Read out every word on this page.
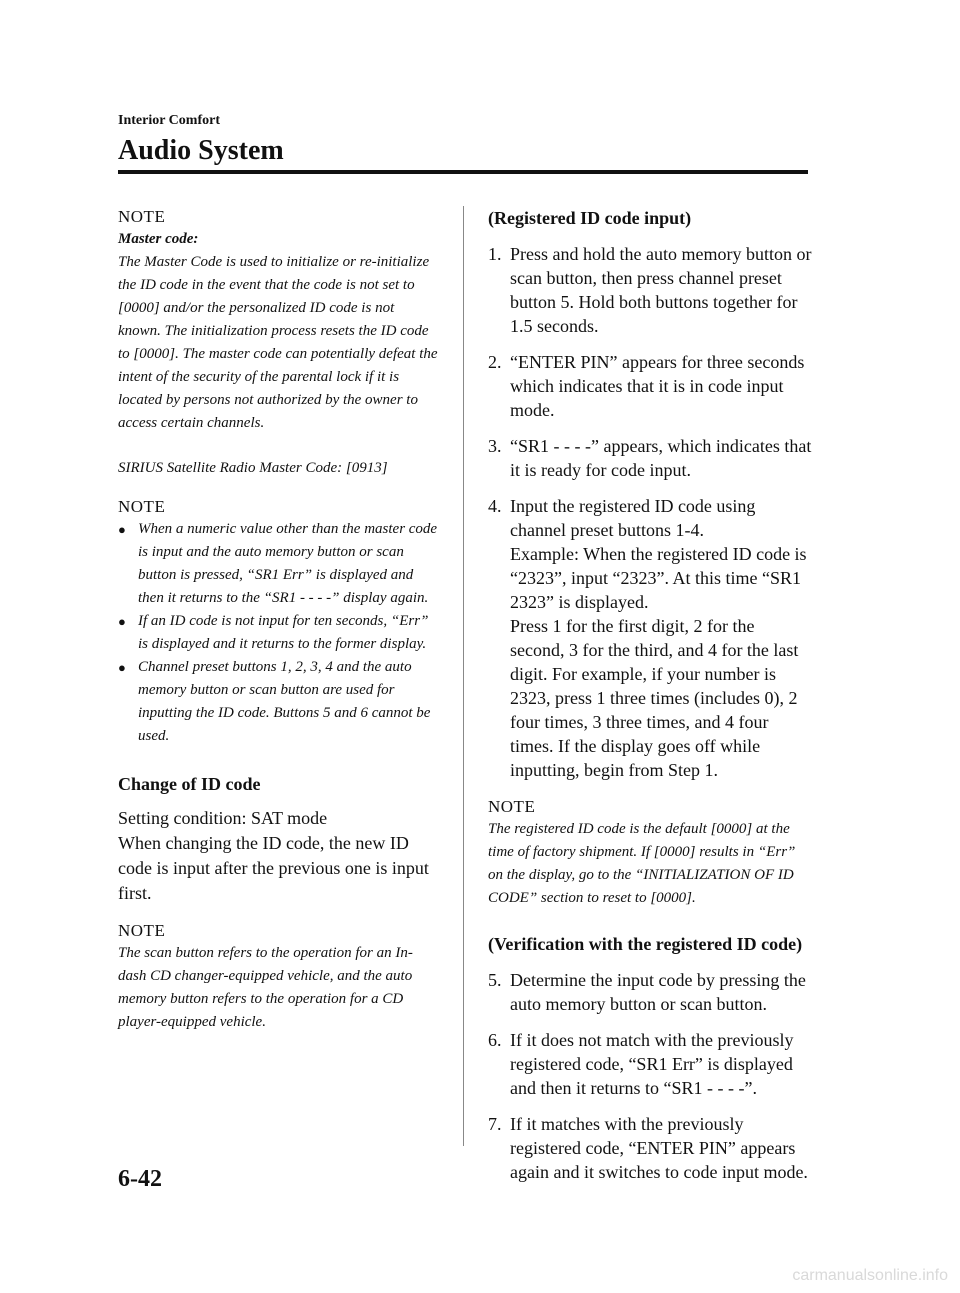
Interior Comfort
Audio System
NOTE
Master code:
The Master Code is used to initialize or re-initialize the ID code in the event that the code is not set to [0000] and/or the personalized ID code is not known. The initialization process resets the ID code to [0000]. The master code can potentially defeat the intent of the security of the parental lock if it is located by persons not authorized by the owner to access certain channels.
SIRIUS Satellite Radio Master Code: [0913]
NOTE
● When a numeric value other than the master code is input and the auto memory button or scan button is pressed, “SR1 Err” is displayed and then it returns to the “SR1 - - - -” display again.
● If an ID code is not input for ten seconds, “Err” is displayed and it returns to the former display.
● Channel preset buttons 1, 2, 3, 4 and the auto memory button or scan button are used for inputting the ID code. Buttons 5 and 6 cannot be used.
Change of ID code
Setting condition: SAT mode
When changing the ID code, the new ID code is input after the previous one is input first.
NOTE
The scan button refers to the operation for an In-dash CD changer-equipped vehicle, and the auto memory button refers to the operation for a CD player-equipped vehicle.
(Registered ID code input)
1. Press and hold the auto memory button or scan button, then press channel preset button 5. Hold both buttons together for 1.5 seconds.
2. “ENTER PIN” appears for three seconds which indicates that it is in code input mode.
3. “SR1 - - - -” appears, which indicates that it is ready for code input.
4. Input the registered ID code using channel preset buttons 1-4.
Example: When the registered ID code is “2323”, input “2323”. At this time “SR1 2323” is displayed.
Press 1 for the first digit, 2 for the second, 3 for the third, and 4 for the last digit. For example, if your number is 2323, press 1 three times (includes 0), 2 four times, 3 three times, and 4 four times. If the display goes off while inputting, begin from Step 1.
NOTE
The registered ID code is the default [0000] at the time of factory shipment. If [0000] results in “Err” on the display, go to the “INITIALIZATION OF ID CODE” section to reset to [0000].
(Verification with the registered ID code)
5. Determine the input code by pressing the auto memory button or scan button.
6. If it does not match with the previously registered code, “SR1 Err” is displayed and then it returns to “SR1 - - - -”.
7. If it matches with the previously registered code, “ENTER PIN” appears again and it switches to code input mode.
6-42
carmanualsonline.info
